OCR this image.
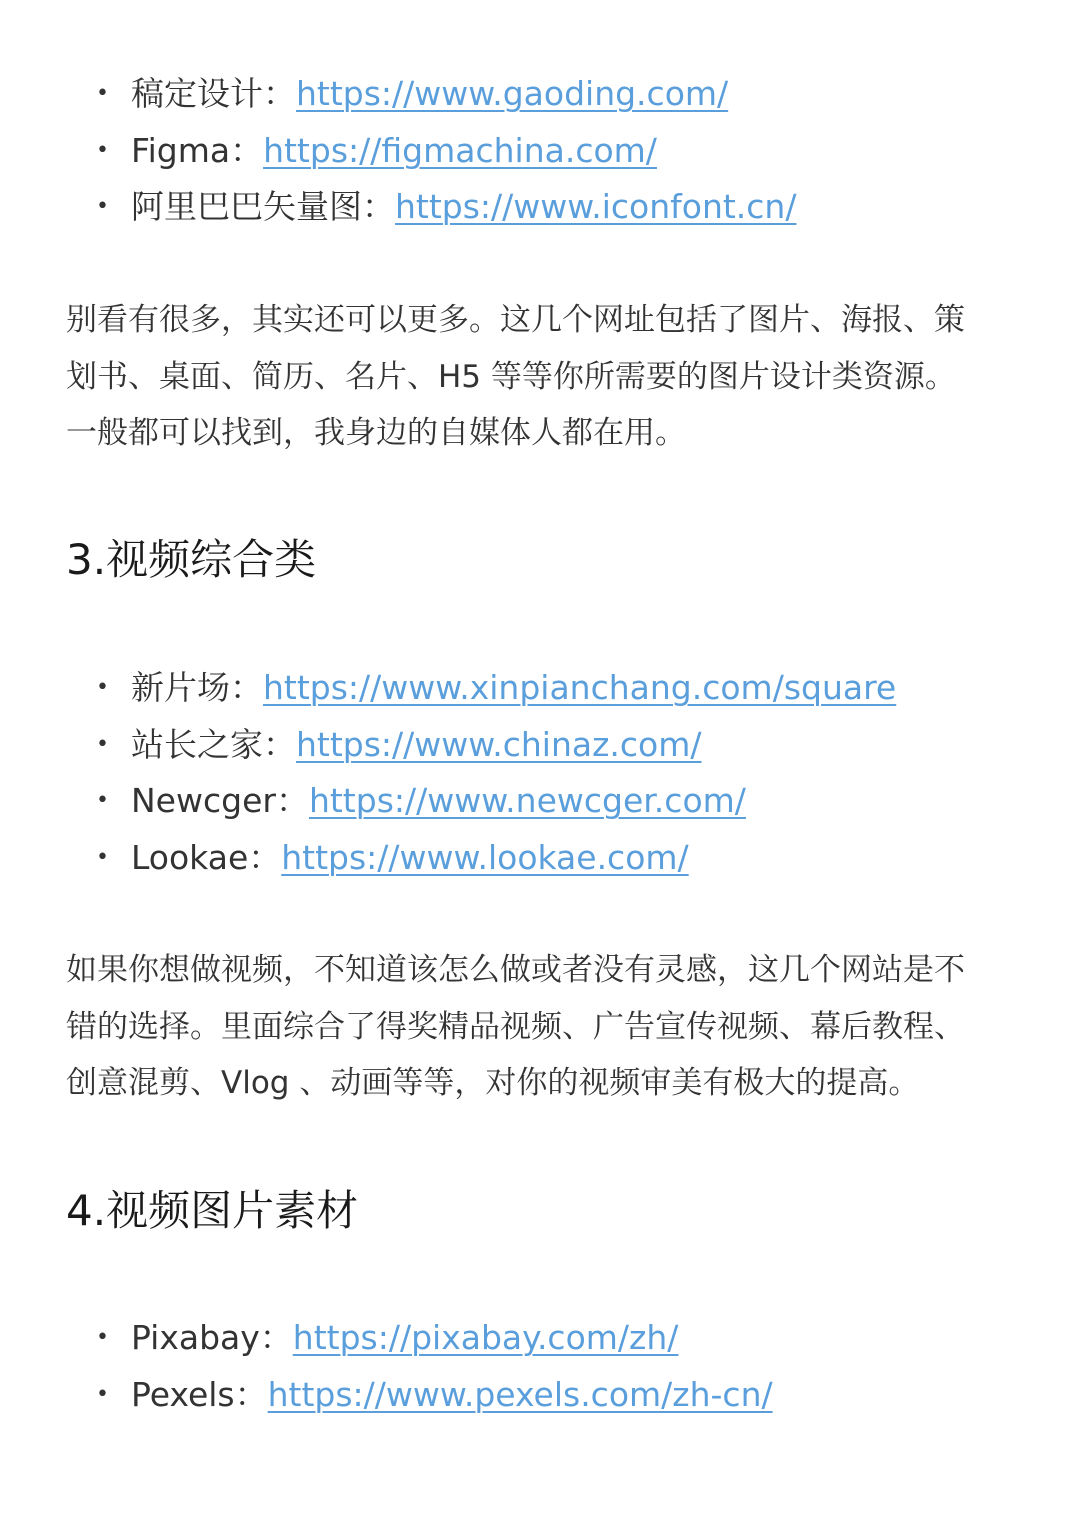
• 稿定设计：https://www.gaoding.com/
• Figma：https://figmachina.com/
• 阿里巴巴矢量图：https://www.iconfont.cn/
别看有很多，其实还可以更多。这几个网址包括了图片、海报、策
划书、桌面、简历、名片、H5 等等你所需要的图片设计类资源。
一般都可以找到，我身边的自媒体人都在用。
3.视频综合类
• 新片场：https://www.xinpianchang.com/square
• 站长之家：https://www.chinaz.com/
• Newcger：https://www.newcger.com/
• Lookae：https://www.lookae.com/
如果你想做视频，不知道该怎么做或者没有灵感，这几个网站是不
错的选择。里面综合了得奖精品视频、广告宣传视频、幕后教程、
创意混剪、Vlog 、动画等等，对你的视频审美有极大的提高。
4.视频图片素材
• Pixabay：https://pixabay.com/zh/
• Pexels：https://www.pexels.com/zh-cn/
